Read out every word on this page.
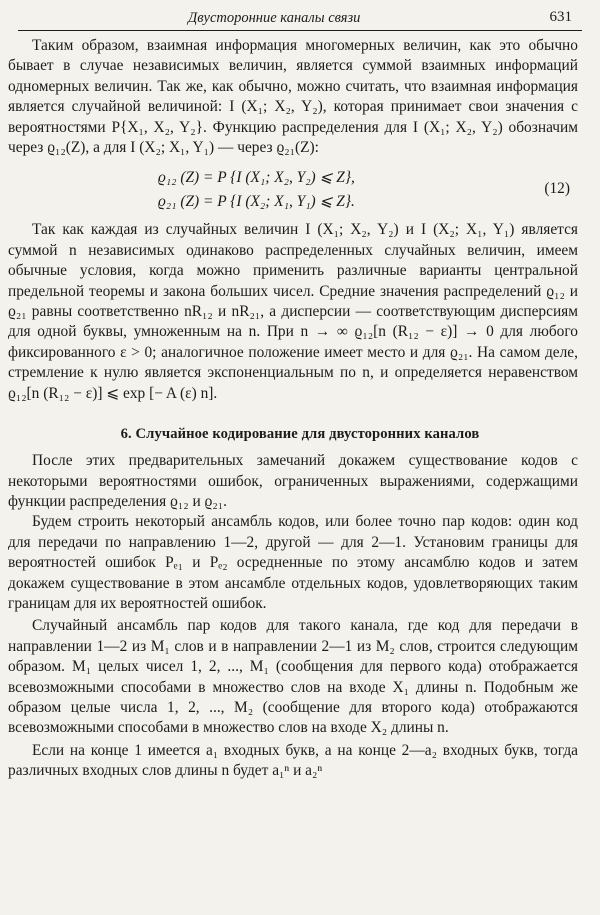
Двусторонние каналы связи	631

Таким образом, взаимная информация многомерных величин, как это обычно бывает в случае независимых величин, является суммой взаимных информаций одномерных величин. Так же, как обычно, можно считать, что взаимная информация является случайной величиной: I (X₁; X₂, Y₂), которая принимает свои значения с вероятностями P{X₁, X₂, Y₂}. Функцию распределения для I (X₁; X₂, Y₂) обозначим через ϱ₁₂(Z), а для I (X₂; X₁, Y₁) — через ϱ₂₁(Z):

ϱ₁₂ (Z) = P {I (X₁; X₂, Y₂) ⩽ Z},
ϱ₂₁ (Z) = P {I (X₂; X₁, Y₁) ⩽ Z}.
(12)

Так как каждая из случайных величин I (X₁; X₂, Y₂) и I (X₂; X₁, Y₁) является суммой n независимых одинаково распределенных случайных величин, имеем обычные условия, когда можно применить различные варианты центральной предельной теоремы и закона больших чисел. Средние значения распределений ϱ₁₂ и ϱ₂₁ равны соответственно nR₁₂ и nR₂₁, а дисперсии — соответствующим дисперсиям для одной буквы, умноженным на n. При n → ∞ ϱ₁₂[n (R₁₂ − ε)] → 0 для любого фиксированного ε > 0; аналогичное положение имеет место и для ϱ₂₁. На самом деле, стремление к нулю является экспоненциальным по n, и определяется неравенством ϱ₁₂[n (R₁₂ − ε)] ⩽ exp [− A (ε) n].

6. Случайное кодирование для двусторонних каналов

После этих предварительных замечаний докажем существование кодов с некоторыми вероятностями ошибок, ограниченных выражениями, содержащими функции распределения ϱ₁₂ и ϱ₂₁.

Будем строить некоторый ансамбль кодов, или более точно пар кодов: один код для передачи по направлению 1—2, другой — для 2—1. Установим границы для вероятностей ошибок Pₑ₁ и Pₑ₂ осредненные по этому ансамблю кодов и затем докажем существование в этом ансамбле отдельных кодов, удовлетворяющих таким границам для их вероятностей ошибок.

Случайный ансамбль пар кодов для такого канала, где код для передачи в направлении 1—2 из M₁ слов и в направлении 2—1 из M₂ слов, строится следующим образом. M₁ целых чисел 1, 2, ..., M₁ (сообщения для первого кода) отображается всевозможными способами в множество слов на входе X₁ длины n. Подобным же образом целые числа 1, 2, ..., M₂ (сообщение для второго кода) отображаются всевозможными способами в множество слов на входе X₂ длины n.

Если на конце 1 имеется a₁ входных букв, а на конце 2—a₂ входных букв, тогда различных входных слов длины n будет a₁ⁿ и a₂ⁿ
